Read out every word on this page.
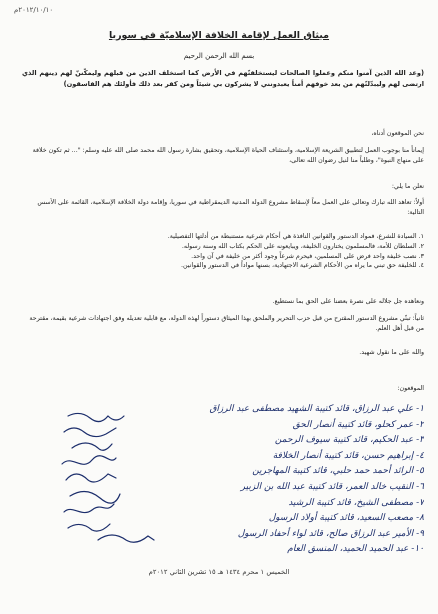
٢٠١٢/١٠/١٠م
ميثاق العمل لإقامة الخلافة الإسلاميّة في سوريا
بسم الله الرحمن الرحيم
(وعد الله الذين آمنوا منكم وعملوا الصالحات ليستخلفنّهم في الأرض كما استخلف الذين من قبلهم وليمكّننّ لهم دينهم الذي ارتضى لهم وليبدّلنّهم من بعد خوفهم أمناً يعبدونني لا يشركون بي شيئاً ومن كفر بعد ذلك فأولئك هم الفاسقون)
نحن الموقعون أدناه،
إيماناً منا بوجوب العمل لتطبيق الشريعة الإسلامية، واستئناف الحياة الإسلامية، وتحقيق بشارة رسول الله محمد صلى الله عليه وسلم: "... ثم تكون خلافة على منهاج النبوة"، وطلباً منا لنيل رضوان الله تعالى،
نعلن ما يلي:
أولاً: تعاهد الله تبارك وتعالى على العمل معاً لإسقاط مشروع الدولة المدنية الديمقراطية في سوريا، وإقامة دولة الخلافة الإسلامية، القائمة على الأسس التالية:
١. السيادة للشرع، فمواد الدستور والقوانين النافذة هي أحكام شرعية مستنبطة من أدلتها التفصيلية.
٢. السلطان للأمة، فالمسلمون يختارون الخليفة، ويبايعونه على الحكم بكتاب الله وسنة رسوله.
٣. نصب خليفة واحد فرض على المسلمين، فيحرم شرعاً وجود أكثر من خليفة في آن واحد.
٤. للخليفة حق تبني ما يراه من الأحكام الشرعية الاجتهادية، بسنها مواداً في الدستور والقوانين.
ونعاهده جل جلاله على نصرة بعضنا على الحق بما نستطيع.
ثانياً: تبنّي مشروع الدستور المقترح من قبل حزب التحرير والملحق بهذا الميثاق دستوراً لهذه الدولة، مع قابلية تعديله وفق اجتهادات شرعية بقيمة، مقترحة من قبل أهل العلم.
والله على ما نقول شهيد.
الموقعون:
١- علي عبد الرزاق، قائد كتيبة الشهيد مصطفى عبد الرزاق
٢- عمر كحلو، قائد كتيبة أنصار الحق
٣- عبد الحكيم، قائد كتيبة سيوف الرحمن
٤- إبراهيم حسن، قائد كتيبة أنصار الخلافة
٥- الرائد أحمد حمد حلبي، قائد كتيبة المهاجرين
٦- النقيب خالد العمر، قائد كتيبة عبد الله بن الزبير
٧- مصطفى الشيخ، قائد كتيبة الرشيد
٨- مصعب السعيد، قائد كتيبة أولاد الرسول
٩- الأمير عبد الرزاق صالح، قائد لواء أحفاد الرسول
١٠- عبد الحميد الحميد، المنسق العام
الخميس ١ محرم ١٤٣٤ هـ ١٥ تشرين الثاني ٢٠١٢م
